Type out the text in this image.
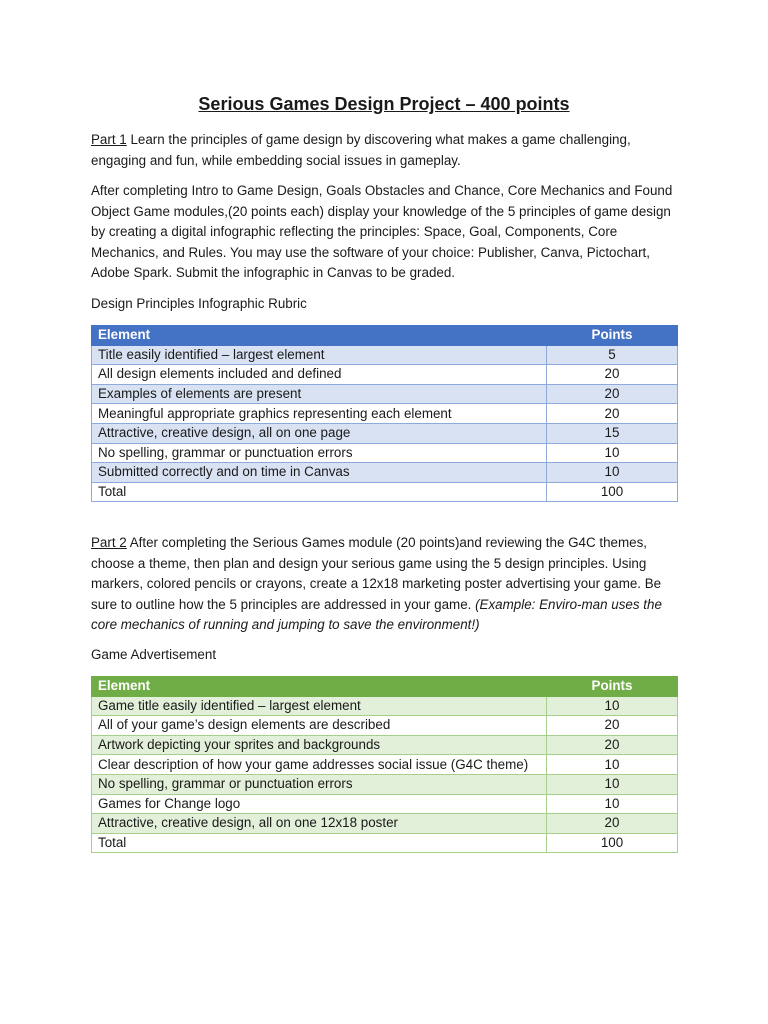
Serious Games Design Project – 400 points

Part 1 Learn the principles of game design by discovering what makes a game challenging, engaging and fun, while embedding social issues in gameplay.

After completing Intro to Game Design, Goals Obstacles and Chance, Core Mechanics and Found Object Game modules,(20 points each) display your knowledge of the 5 principles of game design by creating a digital infographic reflecting the principles: Space, Goal, Components, Core Mechanics, and Rules. You may use the software of your choice: Publisher, Canva, Pictochart, Adobe Spark. Submit the infographic in Canvas to be graded.

Design Principles Infographic Rubric
Element	Points
Title easily identified – largest element	5
All design elements included and defined	20
Examples of elements are present	20
Meaningful appropriate graphics representing each element	20
Attractive, creative design, all on one page	15
No spelling, grammar or punctuation errors	10
Submitted correctly and on time in Canvas	10
Total	100

Part 2 After completing the Serious Games module (20 points)and reviewing the G4C themes, choose a theme, then plan and design your serious game using the 5 design principles. Using markers, colored pencils or crayons, create a 12x18 marketing poster advertising your game. Be sure to outline how the 5 principles are addressed in your game. (Example: Enviro-man uses the core mechanics of running and jumping to save the environment!)

Game Advertisement
Element	Points
Game title easily identified – largest element	10
All of your game’s design elements are described	20
Artwork depicting your sprites and backgrounds	20
Clear description of how your game addresses social issue (G4C theme)	10
No spelling, grammar or punctuation errors	10
Games for Change logo	10
Attractive, creative design, all on one 12x18 poster	20
Total	100
